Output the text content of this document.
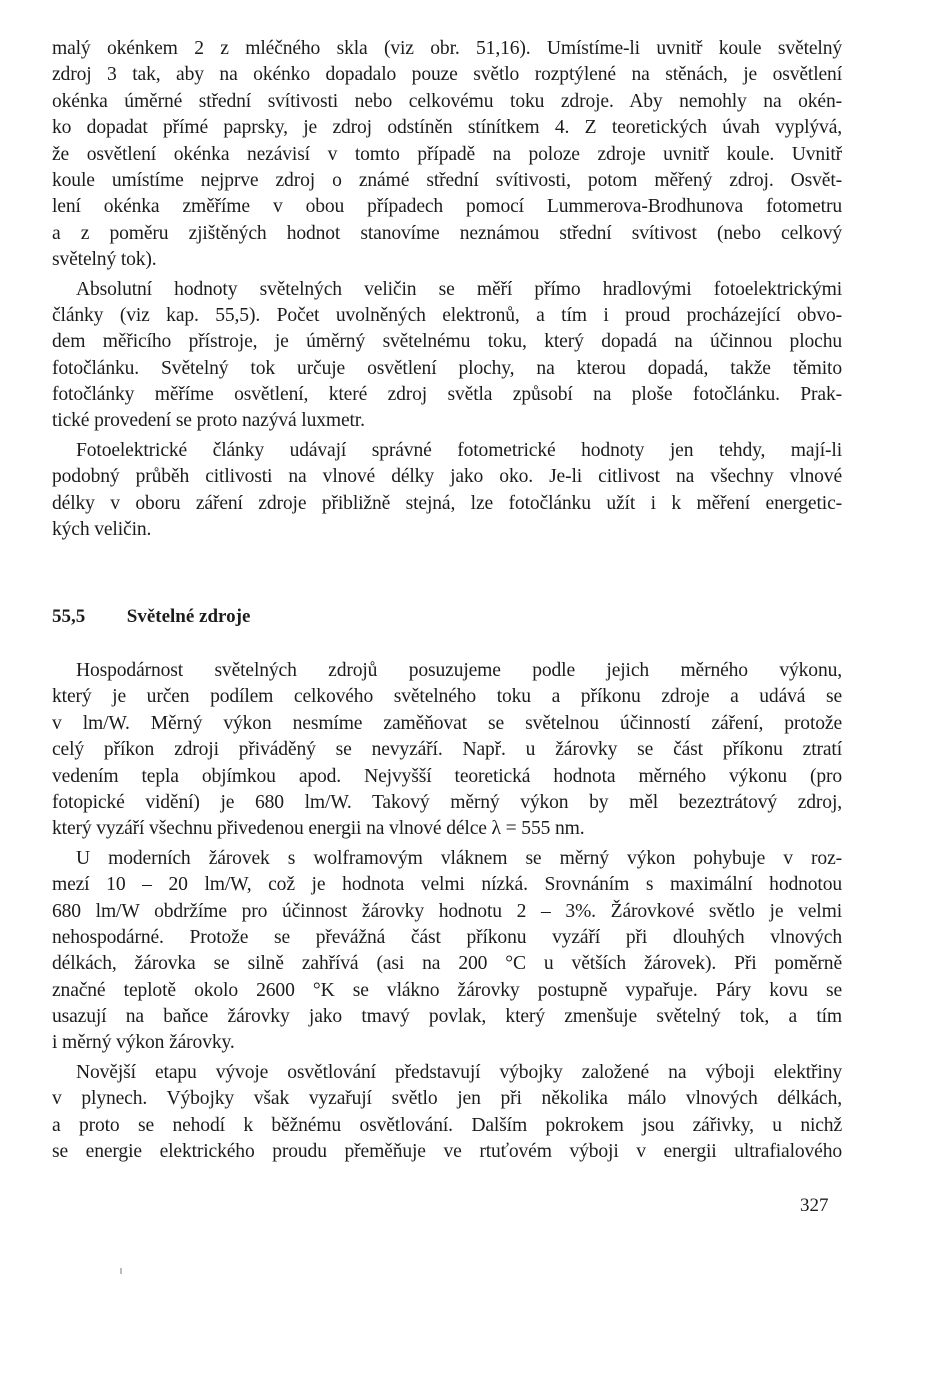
malý okénkem 2 z mléčného skla (viz obr. 51,16). Umístíme-li uvnitř koule světelný
zdroj 3 tak, aby na okénko dopadalo pouze světlo rozptýlené na stěnách, je osvětlení
okénka úměrné střední svítivosti nebo celkovému toku zdroje. Aby nemohly na okén-
ko dopadat přímé paprsky, je zdroj odstíněn stínítkem 4. Z teoretických úvah vyplývá,
že osvětlení okénka nezávisí v tomto případě na poloze zdroje uvnitř koule. Uvnitř
koule umístíme nejprve zdroj o známé střední svítivosti, potom měřený zdroj. Osvět-
lení okénka změříme v obou případech pomocí Lummerova-Brodhunova fotometru
a z poměru zjištěných hodnot stanovíme neznámou střední svítivost (nebo celkový
světelný tok).
Absolutní hodnoty světelných veličin se měří přímo hradlovými fotoelektrickými
články (viz kap. 55,5). Počet uvolněných elektronů, a tím i proud procházející obvo-
dem měřicího přístroje, je úměrný světelnému toku, který dopadá na účinnou plochu
fotočlánku. Světelný tok určuje osvětlení plochy, na kterou dopadá, takže těmito
fotočlánky měříme osvětlení, které zdroj světla způsobí na ploše fotočlánku. Prak-
tické provedení se proto nazývá luxmetr.
Fotoelektrické články udávají správné fotometrické hodnoty jen tehdy, mají-li
podobný průběh citlivosti na vlnové délky jako oko. Je-li citlivost na všechny vlnové
délky v oboru záření zdroje přibližně stejná, lze fotočlánku užít i k měření energetic-
kých veličin.
55,5 Světelné zdroje
Hospodárnost světelných zdrojů posuzujeme podle jejich měrného výkonu,
který je určen podílem celkového světelného toku a příkonu zdroje a udává se
v lm/W. Měrný výkon nesmíme zaměňovat se světelnou účinností záření, protože
celý příkon zdroji přiváděný se nevyzáří. Např. u žárovky se část příkonu ztratí
vedením tepla objímkou apod. Nejvyšší teoretická hodnota měrného výkonu (pro
fotopické vidění) je 680 lm/W. Takový měrný výkon by měl bezeztrátový zdroj,
který vyzáří všechnu přivedenou energii na vlnové délce λ = 555 nm.
U moderních žárovek s wolframovým vláknem se měrný výkon pohybuje v roz-
mezí 10 – 20 lm/W, což je hodnota velmi nízká. Srovnáním s maximální hodnotou
680 lm/W obdržíme pro účinnost žárovky hodnotu 2 – 3%. Žárovkové světlo je velmi
nehospodárné. Protože se převážná část příkonu vyzáří při dlouhých vlnových
délkách, žárovka se silně zahřívá (asi na 200 °C u větších žárovek). Při poměrně
značné teplotě okolo 2600 °K se vlákno žárovky postupně vypařuje. Páry kovu se
usazují na baňce žárovky jako tmavý povlak, který zmenšuje světelný tok, a tím
i měrný výkon žárovky.
Novější etapu vývoje osvětlování představují výbojky založené na výboji elektřiny
v plynech. Výbojky však vyzařují světlo jen při několika málo vlnových délkách,
a proto se nehodí k běžnému osvětlování. Dalším pokrokem jsou zářivky, u nichž
se energie elektrického proudu přeměňuje ve rtuťovém výboji v energii ultrafialového
327
